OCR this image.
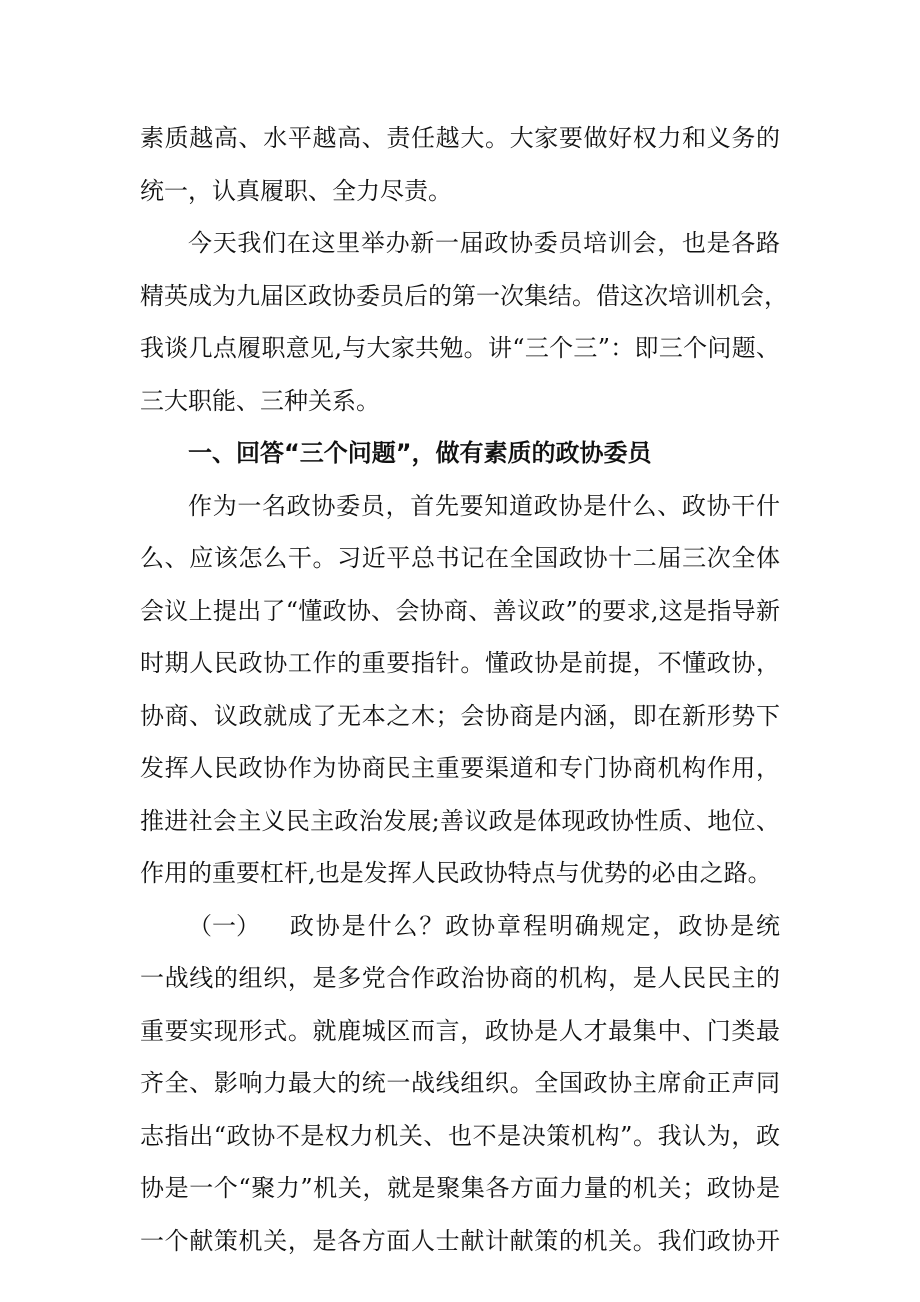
素质越高、水平越高、责任越大。大家要做好权力和义务的
统一，认真履职、全力尽责。
今天我们在这里举办新一届政协委员培训会，也是各路
精英成为九届区政协委员后的第一次集结。借这次培训机会，
我谈几点履职意见,与大家共勉。讲“三个三”：即三个问题、
三大职能、三种关系。
一、回答“三个问题”，做有素质的政协委员
作为一名政协委员，首先要知道政协是什么、政协干什
么、应该怎么干。习近平总书记在全国政协十二届三次全体
会议上提出了“懂政协、会协商、善议政”的要求,这是指导新
时期人民政协工作的重要指针。懂政协是前提，不懂政协，
协商、议政就成了无本之木；会协商是内涵，即在新形势下
发挥人民政协作为协商民主重要渠道和专门协商机构作用，
推进社会主义民主政治发展;善议政是体现政协性质、地位、
作用的重要杠杆,也是发挥人民政协特点与优势的必由之路。
（一） 政协是什么？政协章程明确规定，政协是统
一战线的组织，是多党合作政治协商的机构，是人民民主的
重要实现形式。就鹿城区而言，政协是人才最集中、门类最
齐全、影响力最大的统一战线组织。全国政协主席俞正声同
志指出“政协不是权力机关、也不是决策机构”。我认为，政
协是一个“聚力”机关，就是聚集各方面力量的机关；政协是
一个献策机关，是各方面人士献计献策的机关。我们政协开
